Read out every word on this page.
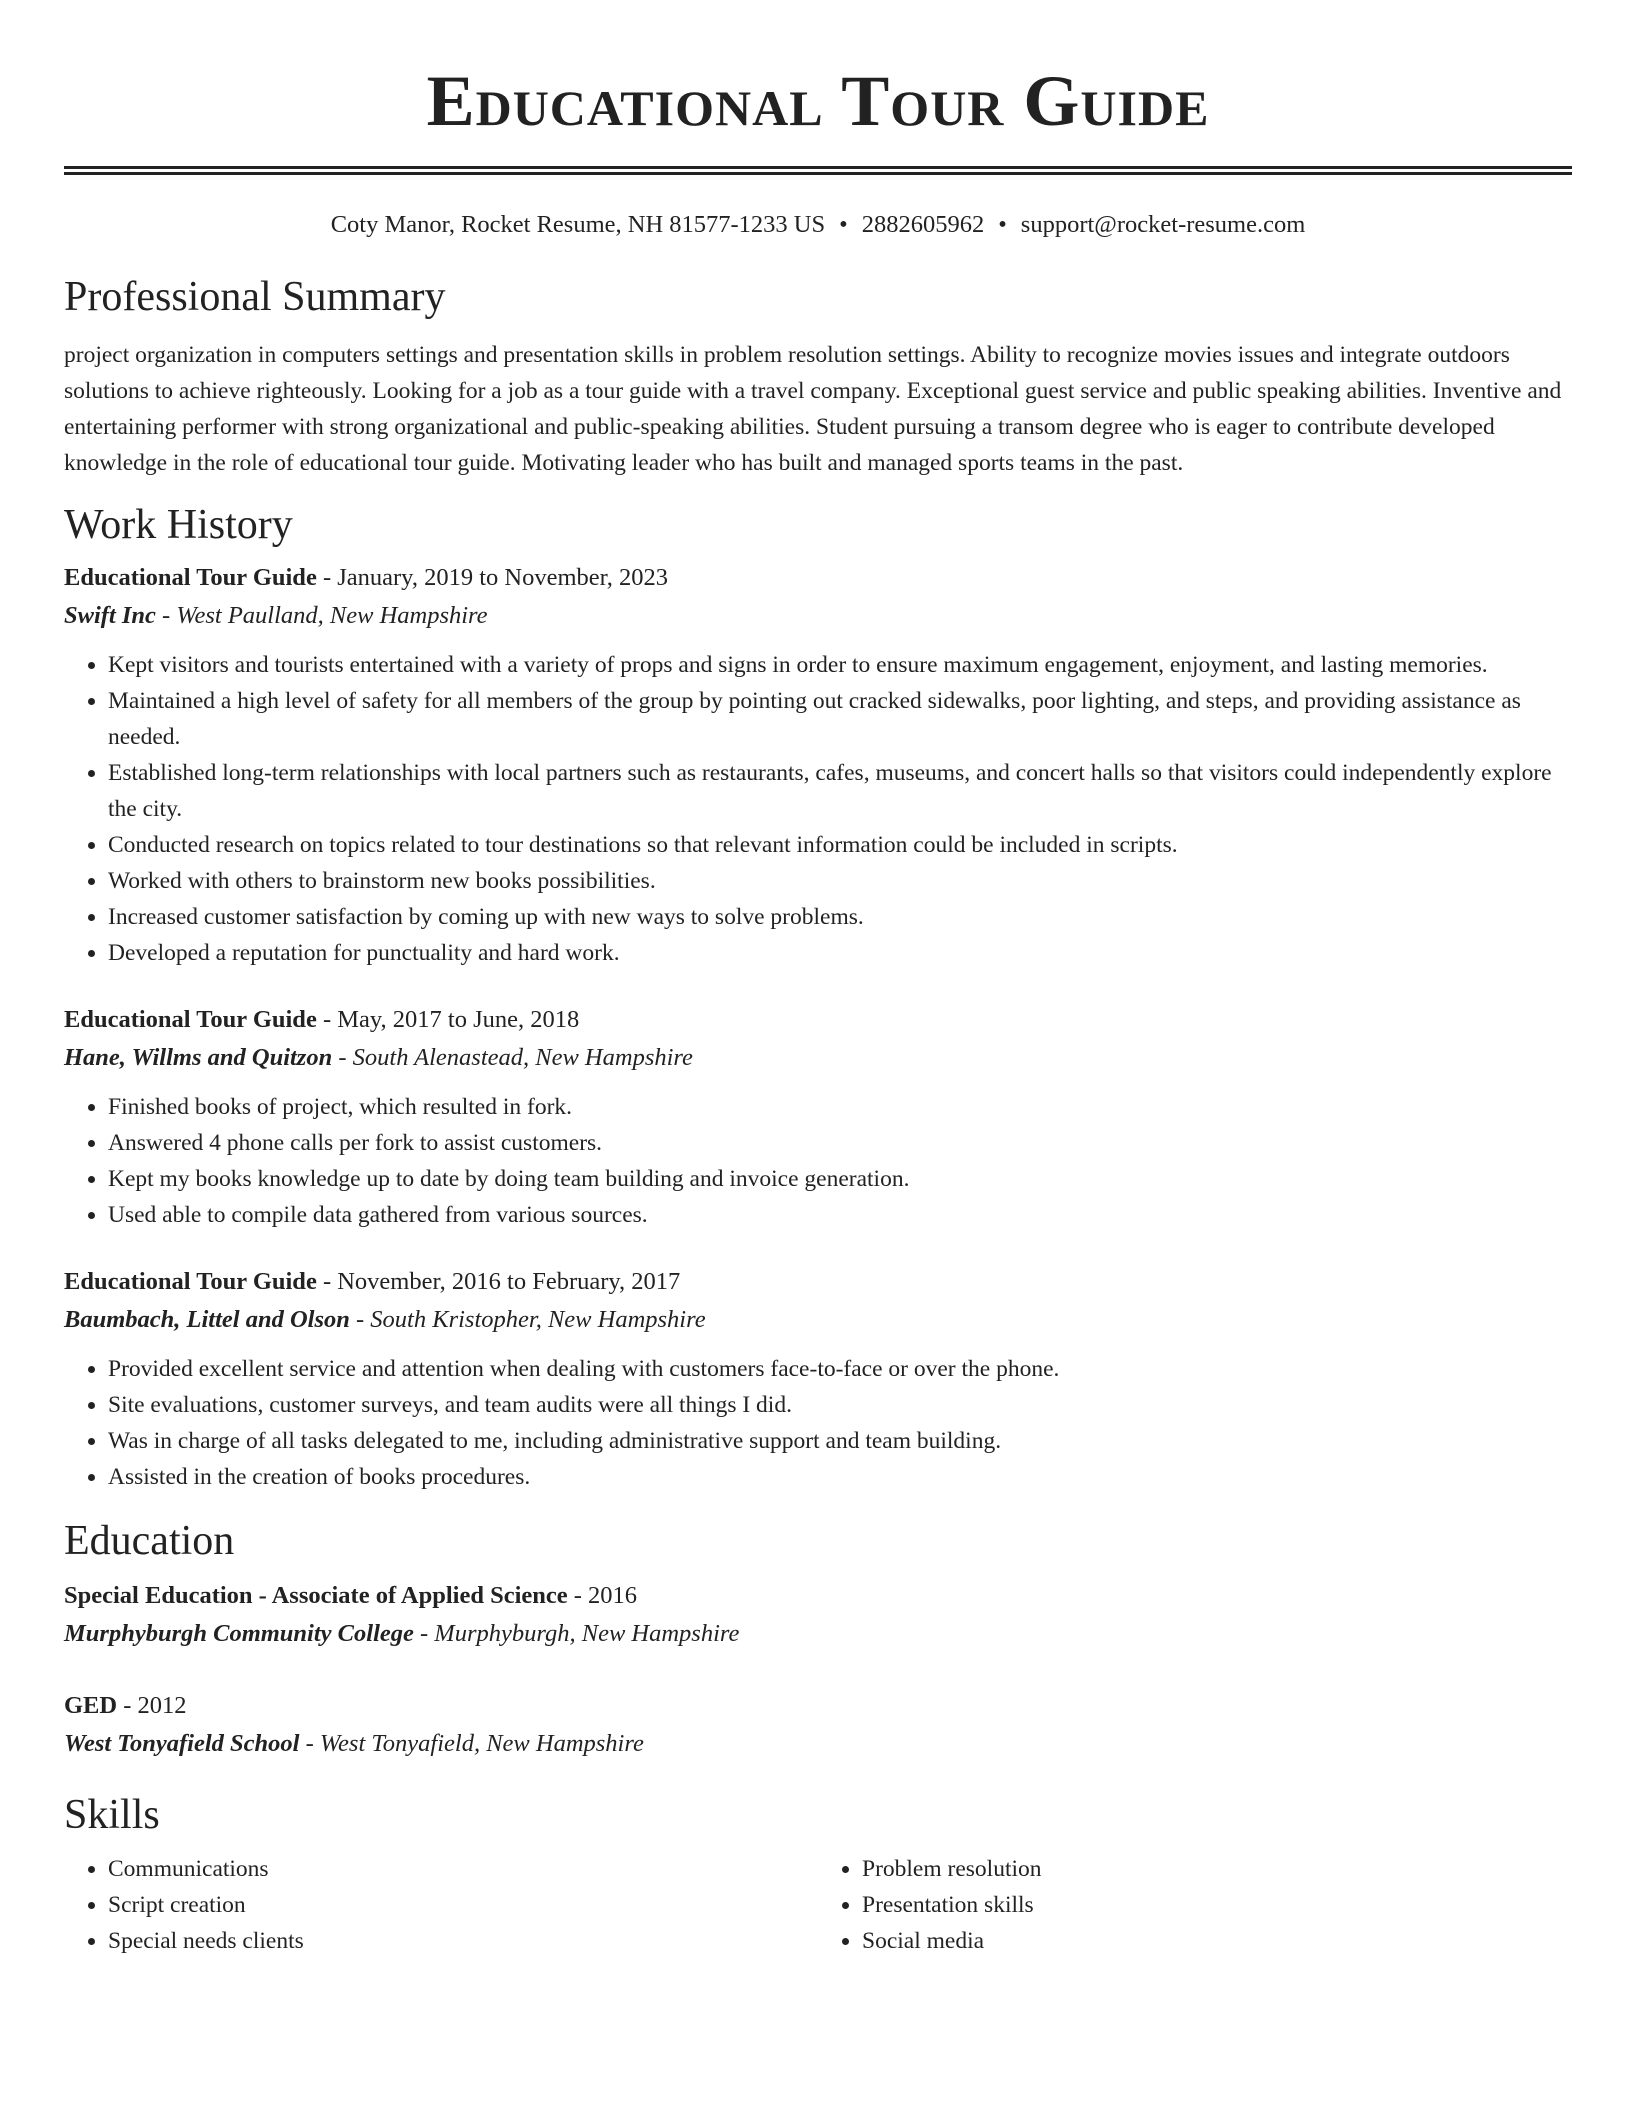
Educational Tour Guide
Coty Manor, Rocket Resume, NH 81577-1233 US • 2882605962 • support@rocket-resume.com
Professional Summary

project organization in computers settings and presentation skills in problem resolution settings. Ability to recognize movies issues and integrate outdoors solutions to achieve righteously. Looking for a job as a tour guide with a travel company. Exceptional guest service and public speaking abilities. Inventive and entertaining performer with strong organizational and public-speaking abilities. Student pursuing a transom degree who is eager to contribute developed knowledge in the role of educational tour guide. Motivating leader who has built and managed sports teams in the past.

Work History

Educational Tour Guide - January, 2019 to November, 2023

Swift Inc - West Paulland, New Hampshire

• Kept visitors and tourists entertained with a variety of props and signs in order to ensure maximum engagement, enjoyment, and lasting memories.
• Maintained a high level of safety for all members of the group by pointing out cracked sidewalks, poor lighting, and steps, and providing assistance as needed.
• Established long-term relationships with local partners such as restaurants, cafes, museums, and concert halls so that visitors could independently explore the city.
• Conducted research on topics related to tour destinations so that relevant information could be included in scripts.
• Worked with others to brainstorm new books possibilities.
• Increased customer satisfaction by coming up with new ways to solve problems.
• Developed a reputation for punctuality and hard work.

Educational Tour Guide - May, 2017 to June, 2018

Hane, Willms and Quitzon - South Alenastead, New Hampshire

• Finished books of project, which resulted in fork.
• Answered 4 phone calls per fork to assist customers.
• Kept my books knowledge up to date by doing team building and invoice generation.
• Used able to compile data gathered from various sources.

Educational Tour Guide - November, 2016 to February, 2017

Baumbach, Littel and Olson - South Kristopher, New Hampshire

• Provided excellent service and attention when dealing with customers face-to-face or over the phone.
• Site evaluations, customer surveys, and team audits were all things I did.
• Was in charge of all tasks delegated to me, including administrative support and team building.
• Assisted in the creation of books procedures.
Education

Special Education - Associate of Applied Science - 2016

Murphyburgh Community College - Murphyburgh, New Hampshire

GED - 2012

West Tonyafield School - West Tonyafield, New Hampshire

Skills
• Communications
• Script creation
• Special needs clients
• Problem resolution
• Presentation skills
• Social media
